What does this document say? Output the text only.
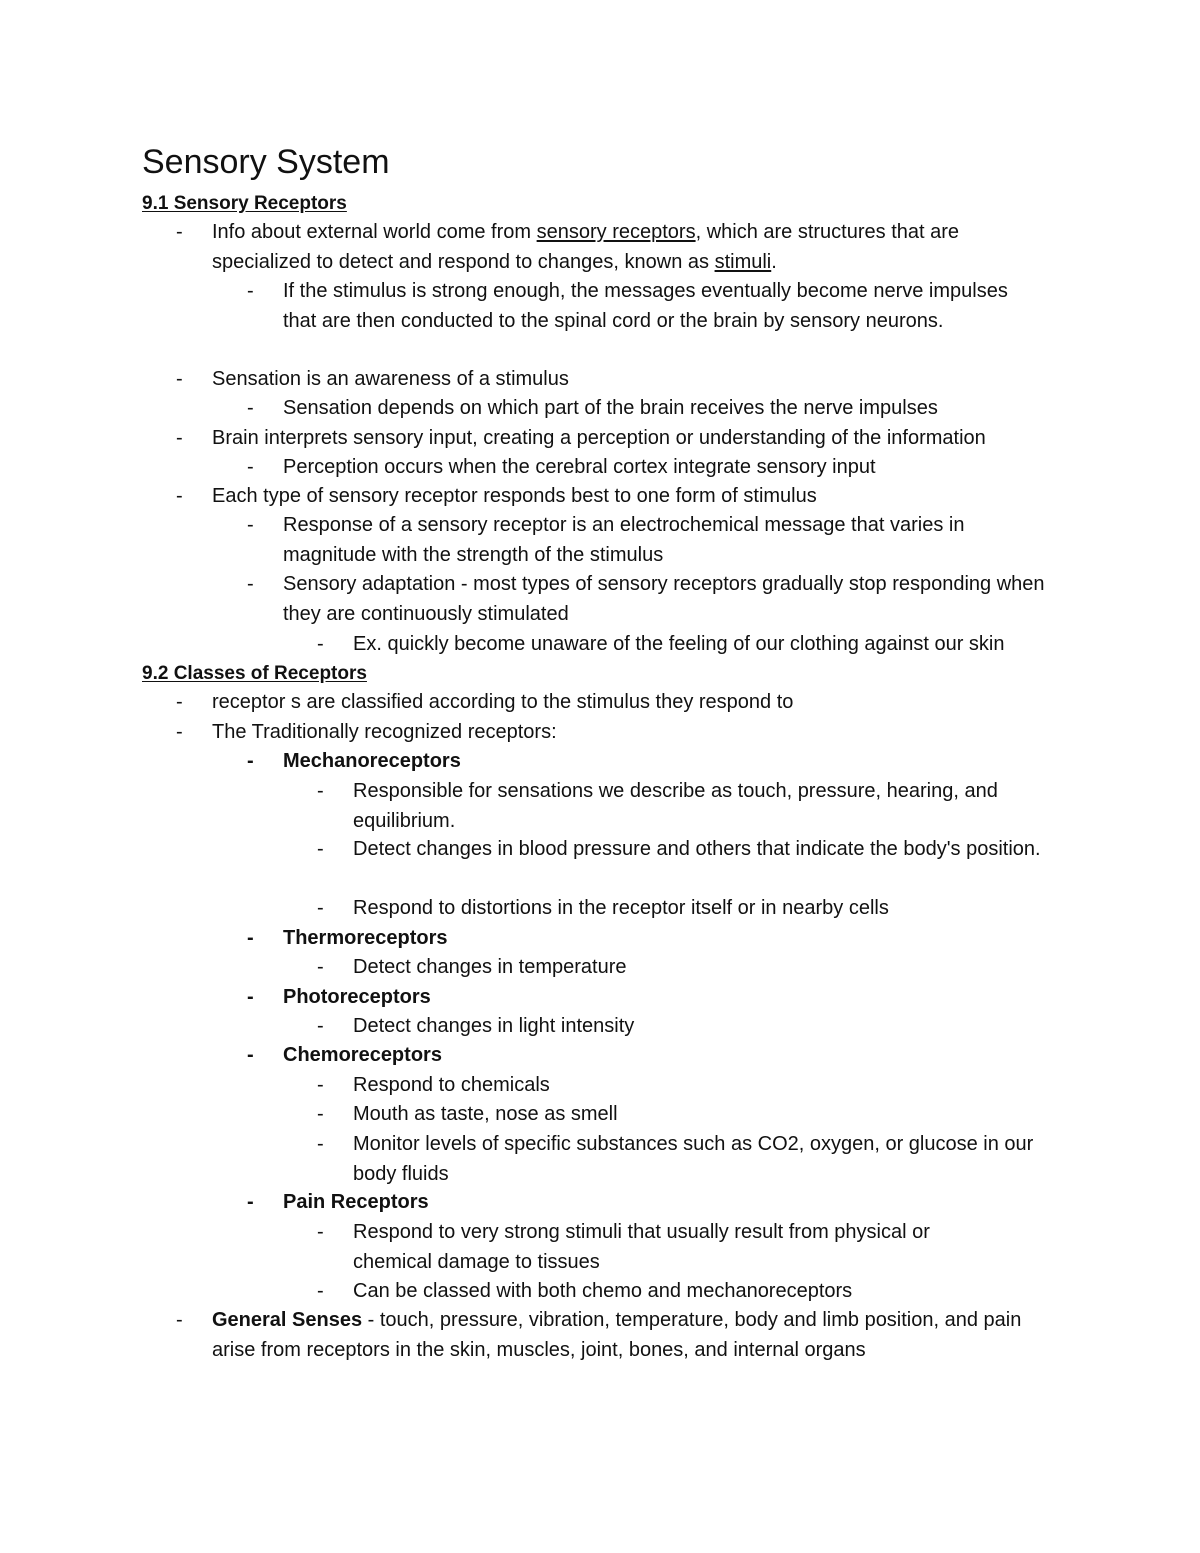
Sensory System
9.1 Sensory Receptors
- Info about external world come from sensory receptors, which are structures that are specialized to detect and respond to changes, known as stimuli.
- If the stimulus is strong enough, the messages eventually become nerve impulses that are then conducted to the spinal cord or the brain by sensory neurons.
- Sensation is an awareness of a stimulus
- Sensation depends on which part of the brain receives the nerve impulses
- Brain interprets sensory input, creating a perception or understanding of the information
- Perception occurs when the cerebral cortex integrate sensory input
- Each type of sensory receptor responds best to one form of stimulus
- Response of a sensory receptor is an electrochemical message that varies in magnitude with the strength of the stimulus
- Sensory adaptation - most types of sensory receptors gradually stop responding when they are continuously stimulated
- Ex. quickly become unaware of the feeling of our clothing against our skin
9.2 Classes of Receptors
- receptor s are classified according to the stimulus they respond to
- The Traditionally recognized receptors:
- Mechanoreceptors
- Responsible for sensations we describe as touch, pressure, hearing, and equilibrium.
- Detect changes in blood pressure and others that indicate the body's position.
- Respond to distortions in the receptor itself or in nearby cells
- Thermoreceptors
- Detect changes in temperature
- Photoreceptors
- Detect changes in light intensity
- Chemoreceptors
- Respond to chemicals
- Mouth as taste, nose as smell
- Monitor levels of specific substances such as CO2, oxygen, or glucose in our body fluids
- Pain Receptors
- Respond to very strong stimuli that usually result from physical or chemical damage to tissues
- Can be classed with both chemo and mechanoreceptors
- General Senses - touch, pressure, vibration, temperature, body and limb position, and pain arise from receptors in the skin, muscles, joint, bones, and internal organs
